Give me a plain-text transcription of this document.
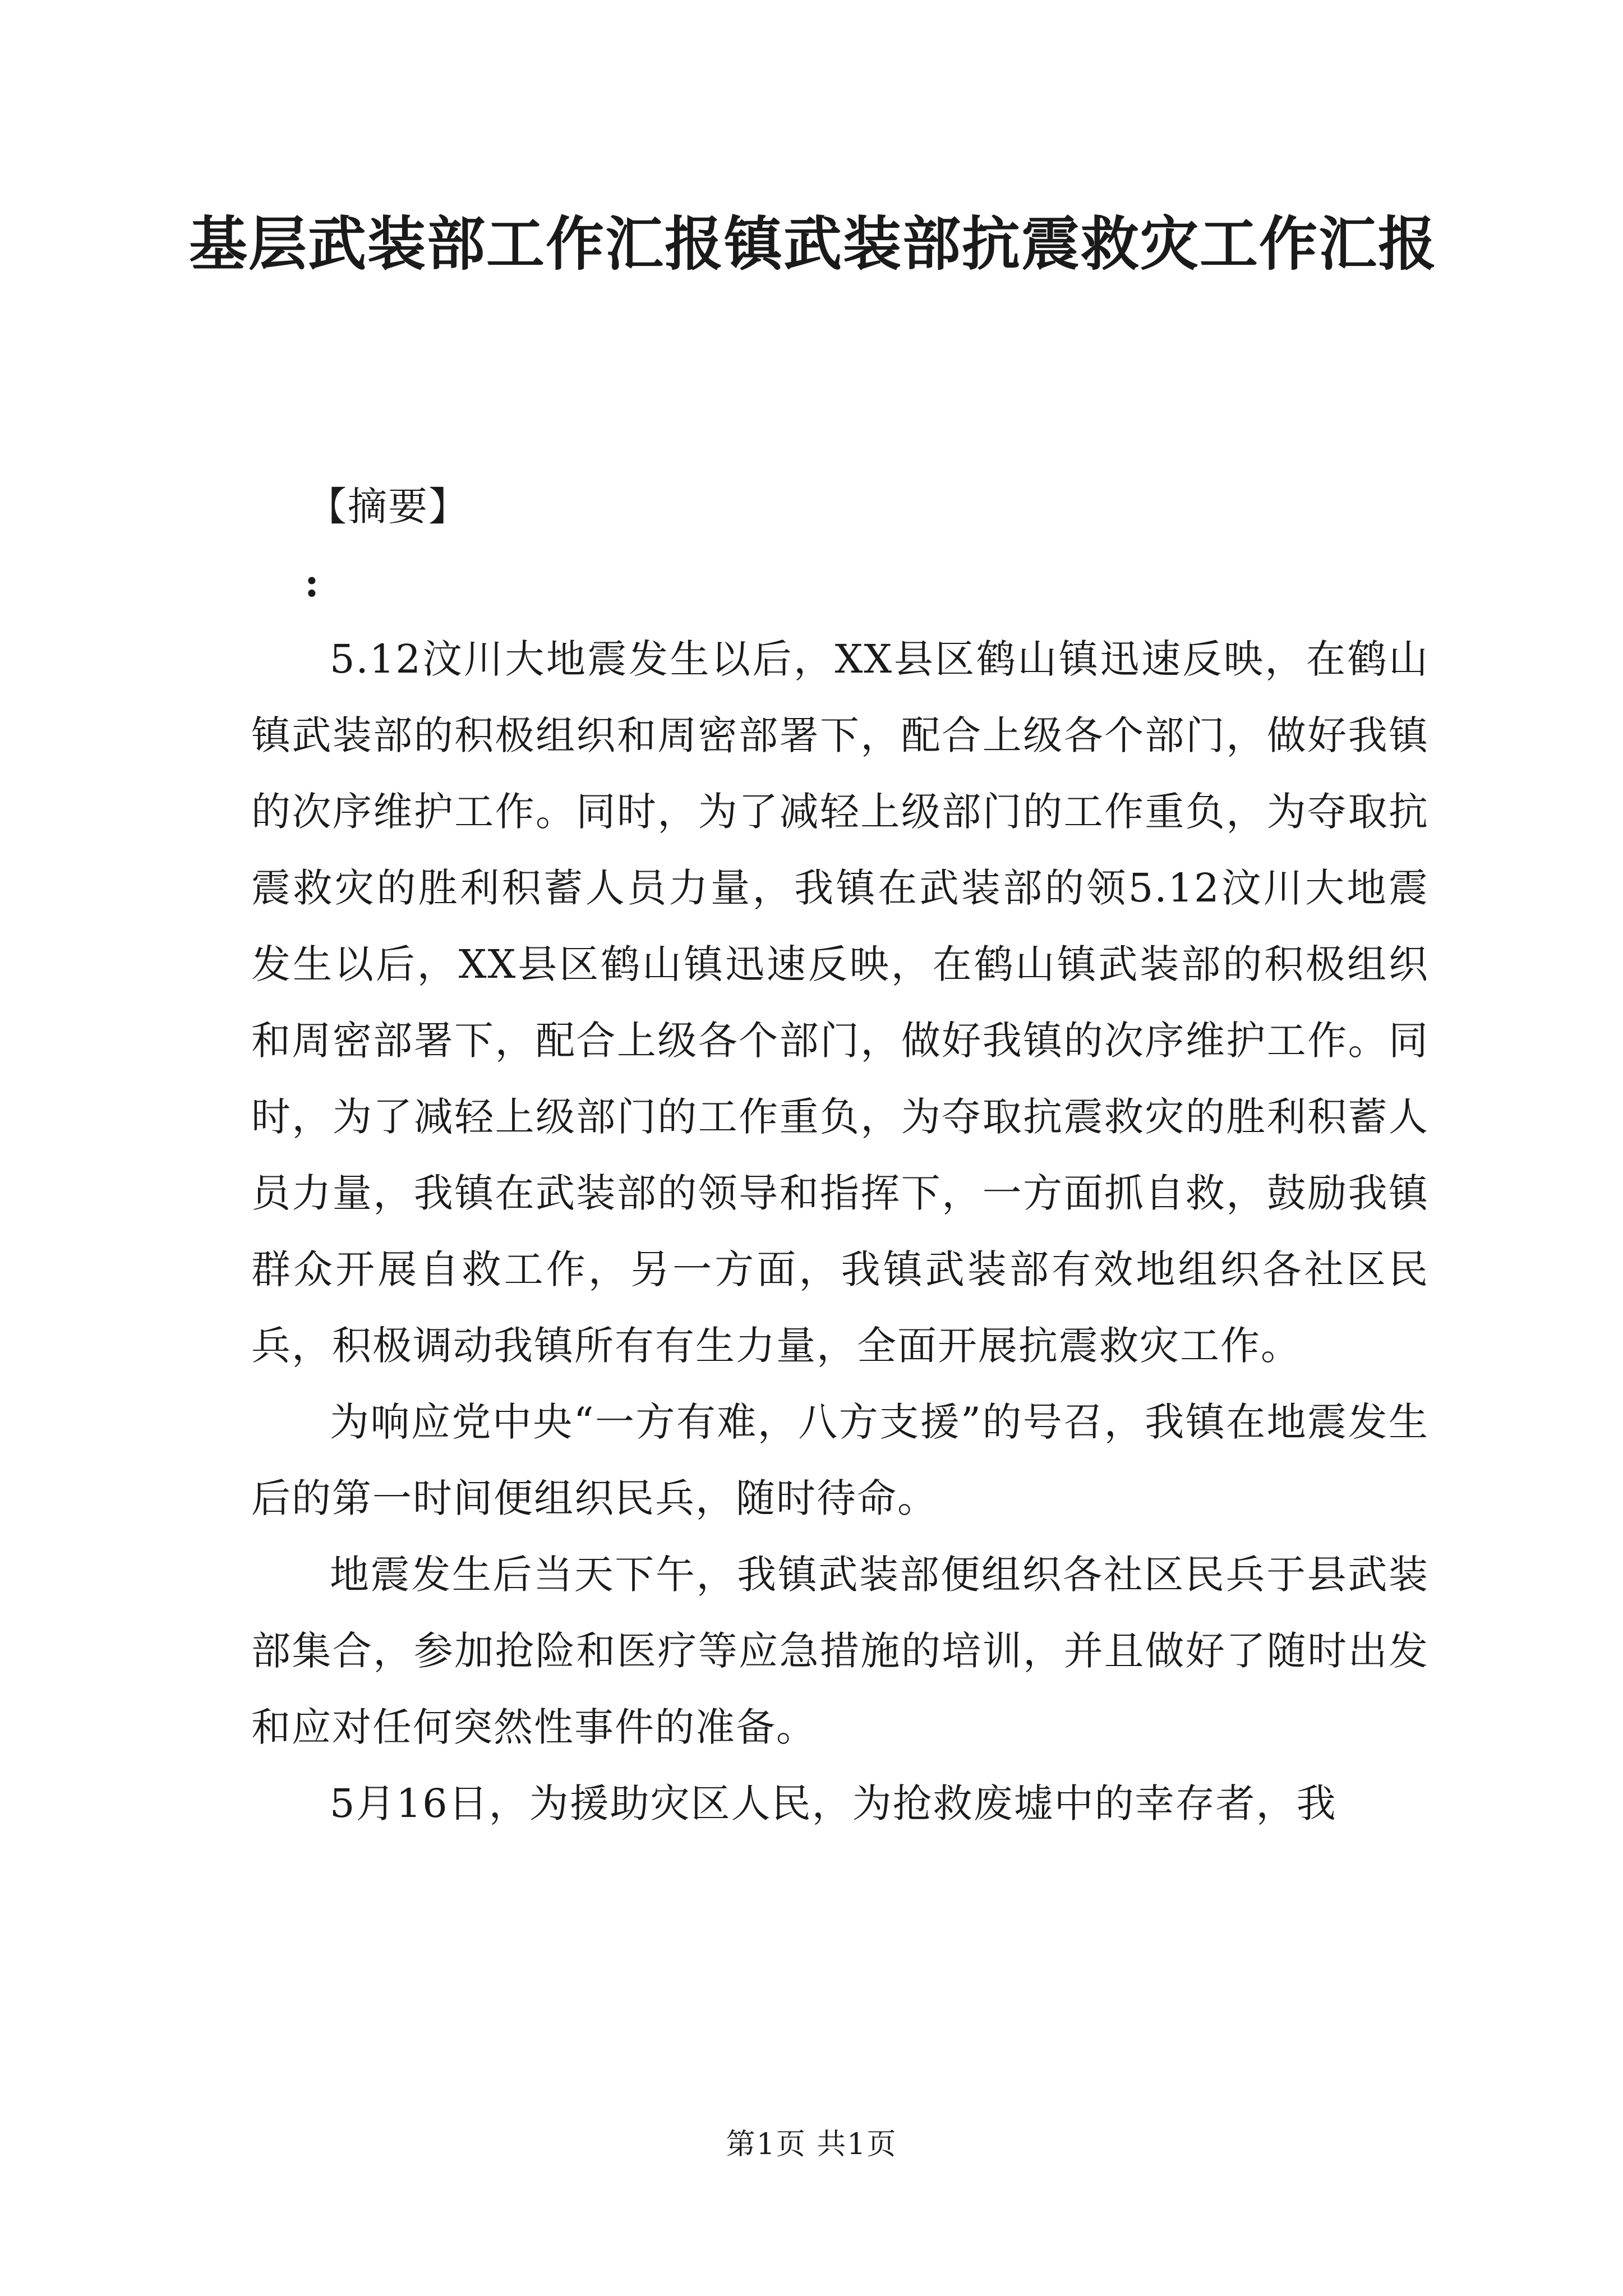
基层武装部工作汇报镇武装部抗震救灾工作汇报

【摘要】

:

5.12汶川大地震发生以后，XX县区鹤山镇迅速反映，在鹤山镇武装部的积极组织和周密部署下，配合上级各个部门，做好我镇的次序维护工作。同时，为了减轻上级部门的工作重负，为夺取抗震救灾的胜利积蓄人员力量，我镇在武装部的领5.12汶川大地震发生以后，XX县区鹤山镇迅速反映，在鹤山镇武装部的积极组织和周密部署下，配合上级各个部门，做好我镇的次序维护工作。同时，为了减轻上级部门的工作重负，为夺取抗震救灾的胜利积蓄人员力量，我镇在武装部的领导和指挥下，一方面抓自救，鼓励我镇群众开展自救工作，另一方面，我镇武装部有效地组织各社区民兵，积极调动我镇所有有生力量，全面开展抗震救灾工作。

为响应党中央“一方有难，八方支援”的号召，我镇在地震发生后的第一时间便组织民兵，随时待命。

地震发生后当天下午，我镇武装部便组织各社区民兵于县武装部集合，参加抢险和医疗等应急措施的培训，并且做好了随时出发和应对任何突然性事件的准备。

5月16日，为援助灾区人民，为抢救废墟中的幸存者，我

第1页 共1页
